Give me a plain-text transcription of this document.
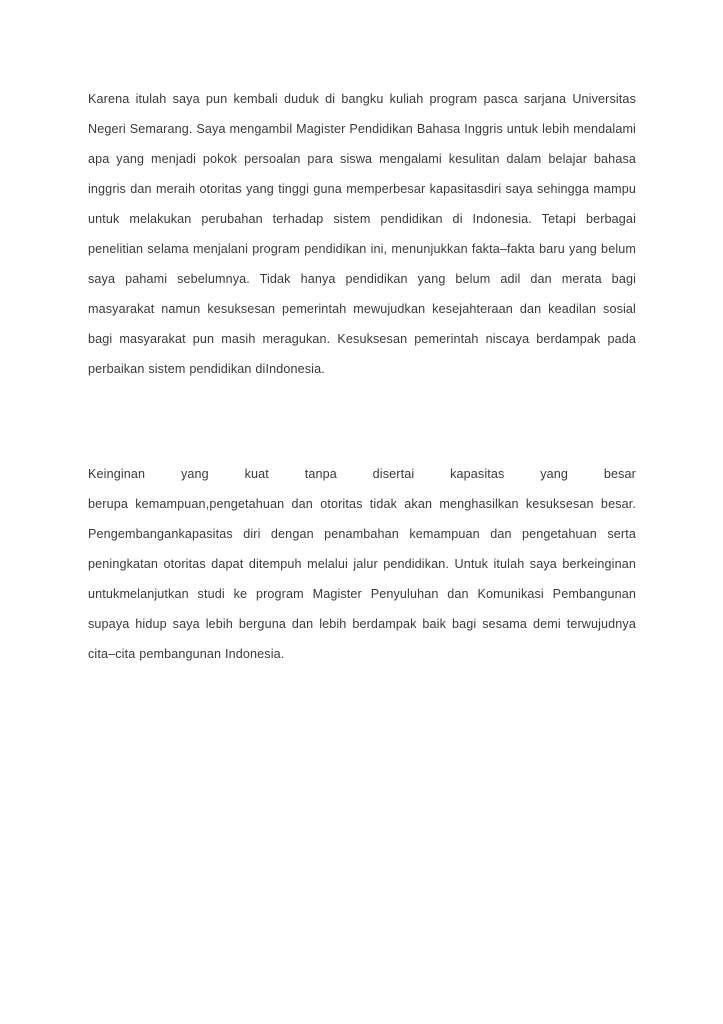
Karena itulah saya pun kembali duduk di bangku kuliah program pasca sarjana Universitas Negeri Semarang. Saya mengambil Magister Pendidikan Bahasa Inggris untuk lebih mendalami apa yang menjadi pokok persoalan para siswa mengalami kesulitan dalam belajar bahasa inggris dan meraih otoritas yang tinggi guna memperbesar kapasitasdiri saya sehingga mampu untuk melakukan perubahan terhadap sistem pendidikan di Indonesia. Tetapi berbagai penelitian selama menjalani program pendidikan ini, menunjukkan fakta–fakta baru yang belum saya pahami sebelumnya. Tidak hanya pendidikan yang belum adil dan merata bagi masyarakat namun kesuksesan pemerintah mewujudkan kesejahteraan dan keadilan sosial bagi masyarakat pun masih meragukan. Kesuksesan pemerintah niscaya berdampak pada perbaikan sistem pendidikan diIndonesia.

Keinginan yang kuat tanpa disertai kapasitas yang besar
berupa kemampuan,pengetahuan dan otoritas tidak akan menghasilkan kesuksesan besar. Pengembangankapasitas diri dengan penambahan kemampuan dan pengetahuan serta peningkatan otoritas dapat ditempuh melalui jalur pendidikan. Untuk itulah saya berkeinginan untukmelanjutkan studi ke program Magister Penyuluhan dan Komunikasi Pembangunan supaya hidup saya lebih berguna dan lebih berdampak baik bagi sesama demi terwujudnya cita–cita pembangunan Indonesia.
